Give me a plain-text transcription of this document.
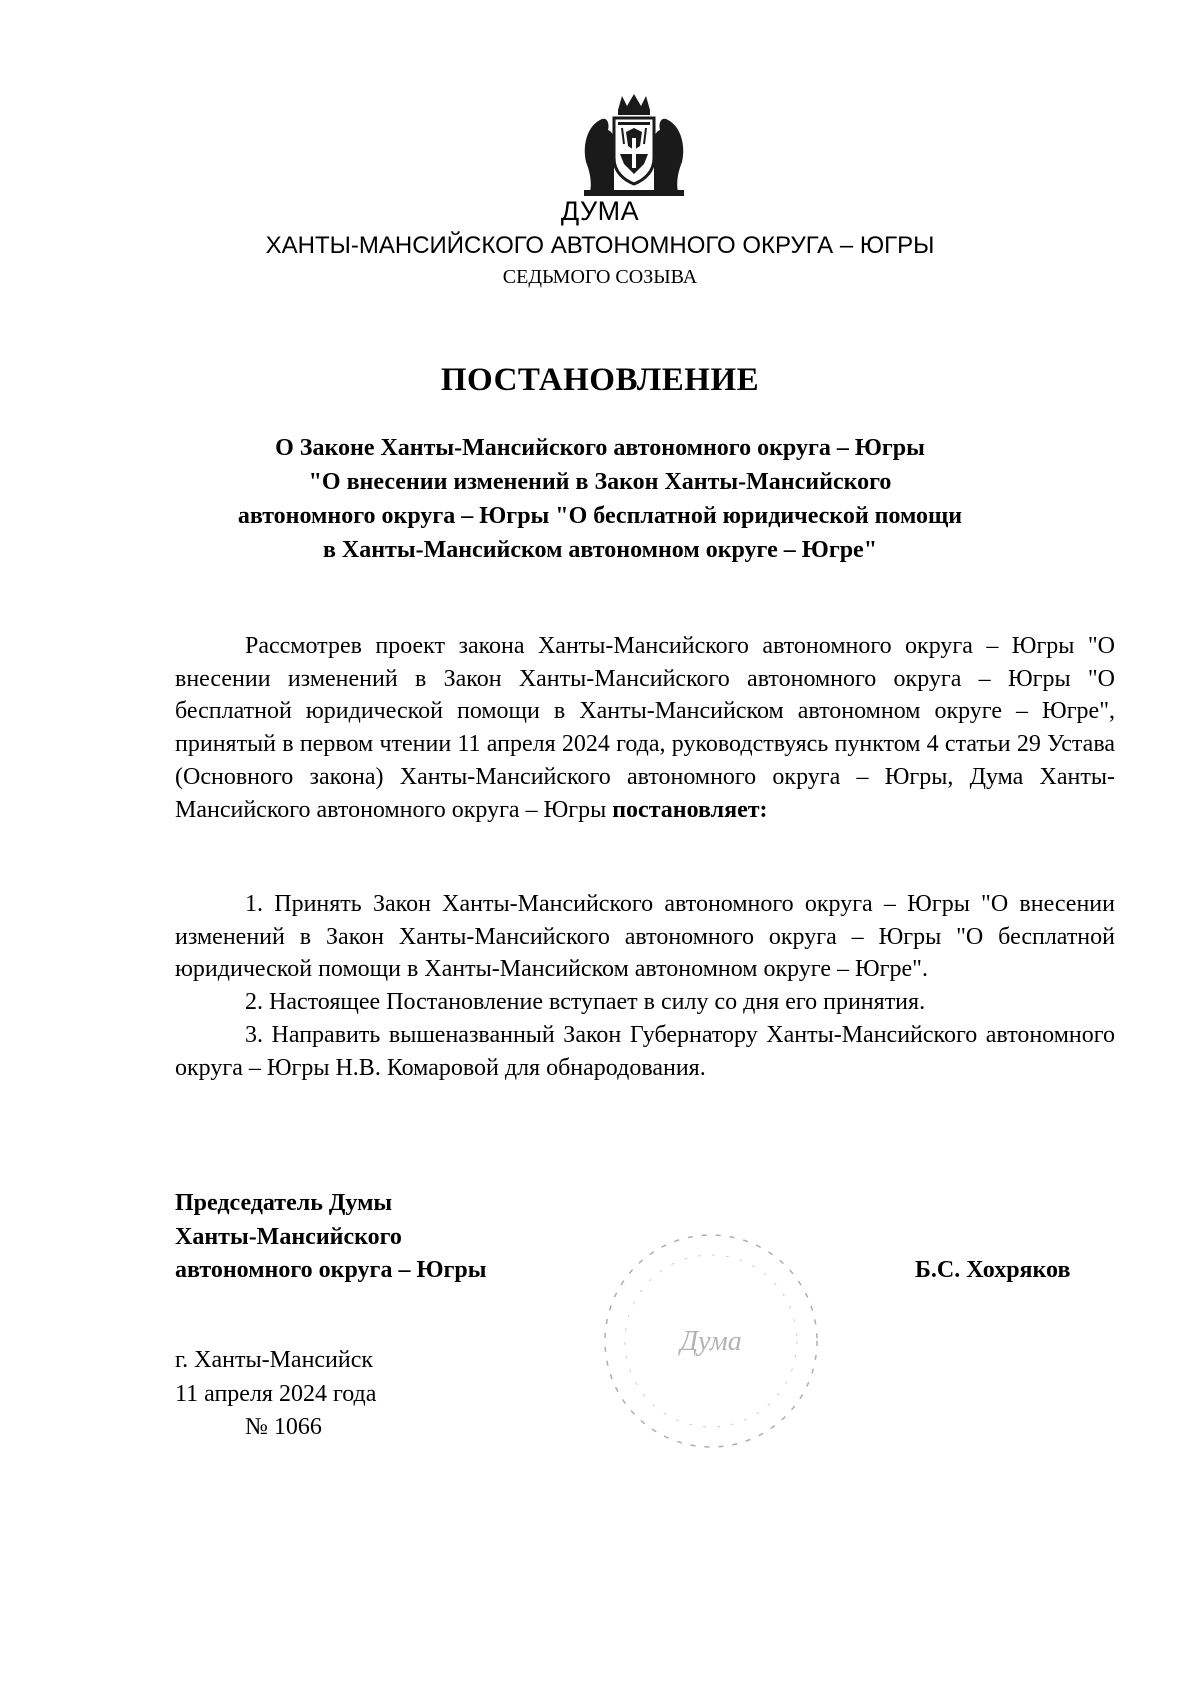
ДУМА
ХАНТЫ-МАНСИЙСКОГО АВТОНОМНОГО ОКРУГА – ЮГРЫ
СЕДЬМОГО СОЗЫВА
ПОСТАНОВЛЕНИЕ
О Законе Ханты-Мансийского автономного округа – Югры
"О внесении изменений в Закон Ханты-Мансийского
автономного округа – Югры "О бесплатной юридической помощи
в Ханты-Мансийском автономном округе – Югре"

Рассмотрев проект закона Ханты-Мансийского автономного округа – Югры "О внесении изменений в Закон Ханты-Мансийского автономного округа – Югры "О бесплатной юридической помощи в Ханты-Мансийском автономном округе – Югре", принятый в первом чтении 11 апреля 2024 года, руководствуясь пунктом 4 статьи 29 Устава (Основного закона) Ханты-Мансийского автономного округа – Югры, Дума Ханты-Мансийского автономного округа – Югры постановляет:

1. Принять Закон Ханты-Мансийского автономного округа – Югры "О внесении изменений в Закон Ханты-Мансийского автономного округа – Югры "О бесплатной юридической помощи в Ханты-Мансийском автономном округе – Югре".

2. Настоящее Постановление вступает в силу со дня его принятия.

3. Направить вышеназванный Закон Губернатору Ханты-Мансийского автономного округа – Югры Н.В. Комаровой для обнародования.

Председатель Думы
Ханты-Мансийского
автономного округа – Югры
Дума
Б.С. Хохряков
г. Ханты-Мансийск
11 апреля 2024 года
№ 1066
